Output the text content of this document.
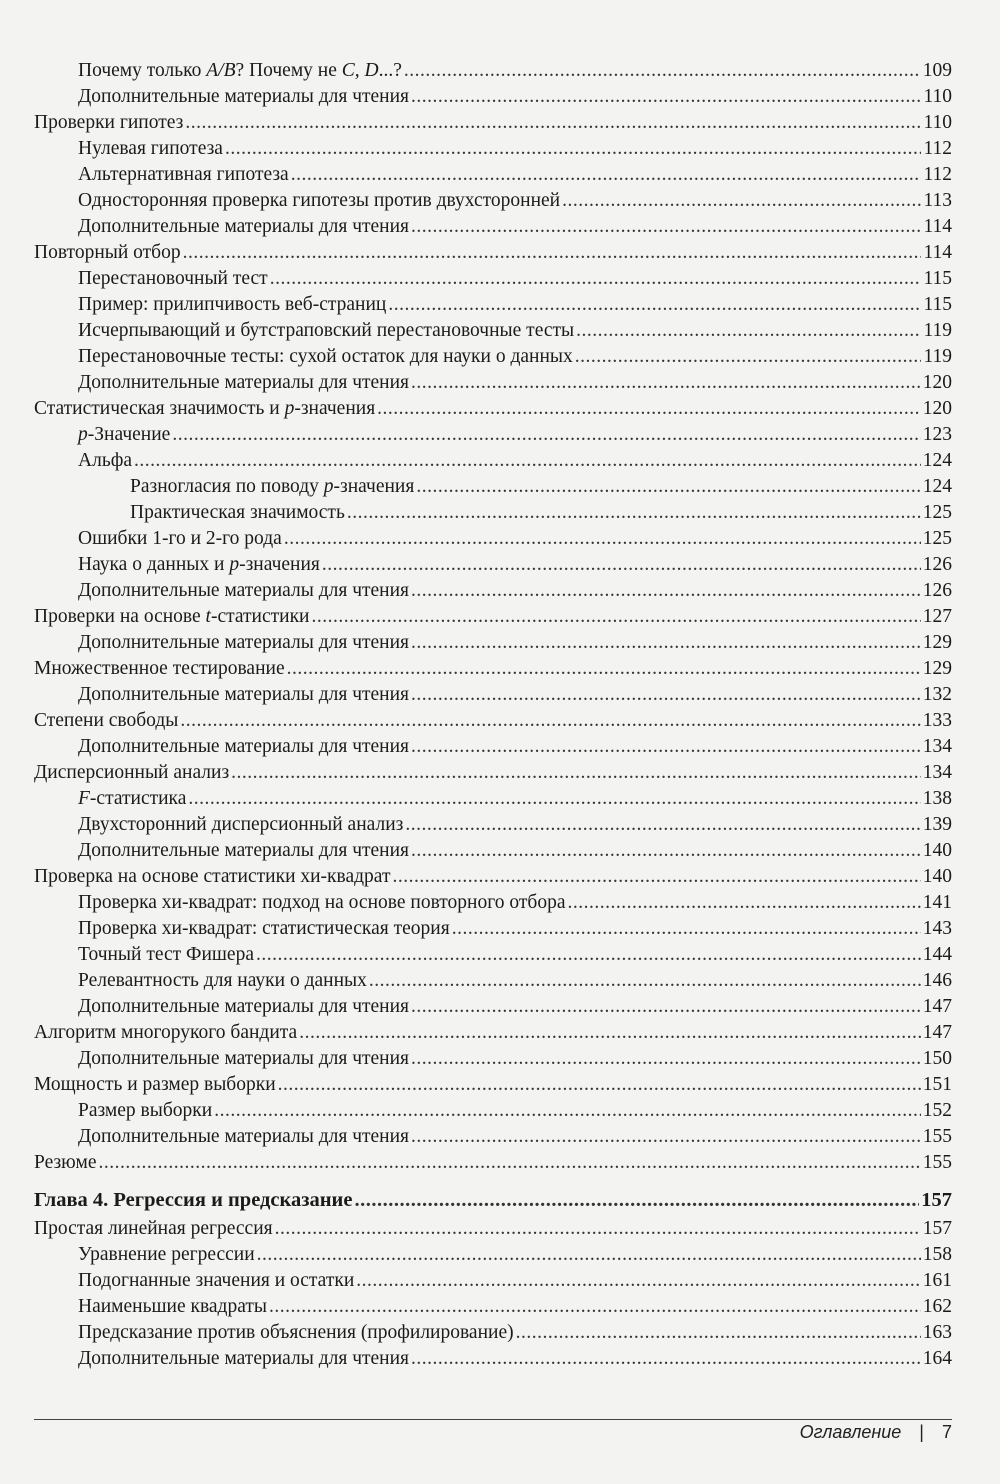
Почему только A/B? Почему не C, D...? .....	109
Дополнительные материалы для чтения .....	110
Проверки гипотез .....	110
Нулевая гипотеза .....	112
Альтернативная гипотеза .....	112
Односторонняя проверка гипотезы против двухсторонней .....	113
Дополнительные материалы для чтения .....	114
Повторный отбор .....	114
Перестановочный тест .....	115
Пример: прилипчивость веб-страниц .....	115
Исчерпывающий и бутстраповский перестановочные тесты .....	119
Перестановочные тесты: сухой остаток для науки о данных .....	119
Дополнительные материалы для чтения .....	120
Статистическая значимость и p-значения .....	120
p-Значение .....	123
Альфа .....	124
Разногласия по поводу p-значения .....	124
Практическая значимость .....	125
Ошибки 1-го и 2-го рода .....	125
Наука о данных и p-значения .....	126
Дополнительные материалы для чтения .....	126
Проверки на основе t-статистики .....	127
Дополнительные материалы для чтения .....	129
Множественное тестирование .....	129
Дополнительные материалы для чтения .....	132
Степени свободы .....	133
Дополнительные материалы для чтения .....	134
Дисперсионный анализ .....	134
F-статистика .....	138
Двухсторонний дисперсионный анализ .....	139
Дополнительные материалы для чтения .....	140
Проверка на основе статистики хи-квадрат .....	140
Проверка хи-квадрат: подход на основе повторного отбора .....	141
Проверка хи-квадрат: статистическая теория .....	143
Точный тест Фишера .....	144
Релевантность для науки о данных .....	146
Дополнительные материалы для чтения .....	147
Алгоритм многорукого бандита .....	147
Дополнительные материалы для чтения .....	150
Мощность и размер выборки .....	151
Размер выборки .....	152
Дополнительные материалы для чтения .....	155
Резюме .....	155
Глава 4. Регрессия и предсказание .....	157
Простая линейная регрессия .....	157
Уравнение регрессии .....	158
Подогнанные значения и остатки .....	161
Наименьшие квадраты .....	162
Предсказание против объяснения (профилирование) .....	163
Дополнительные материалы для чтения .....	164
Оглавление | 7
